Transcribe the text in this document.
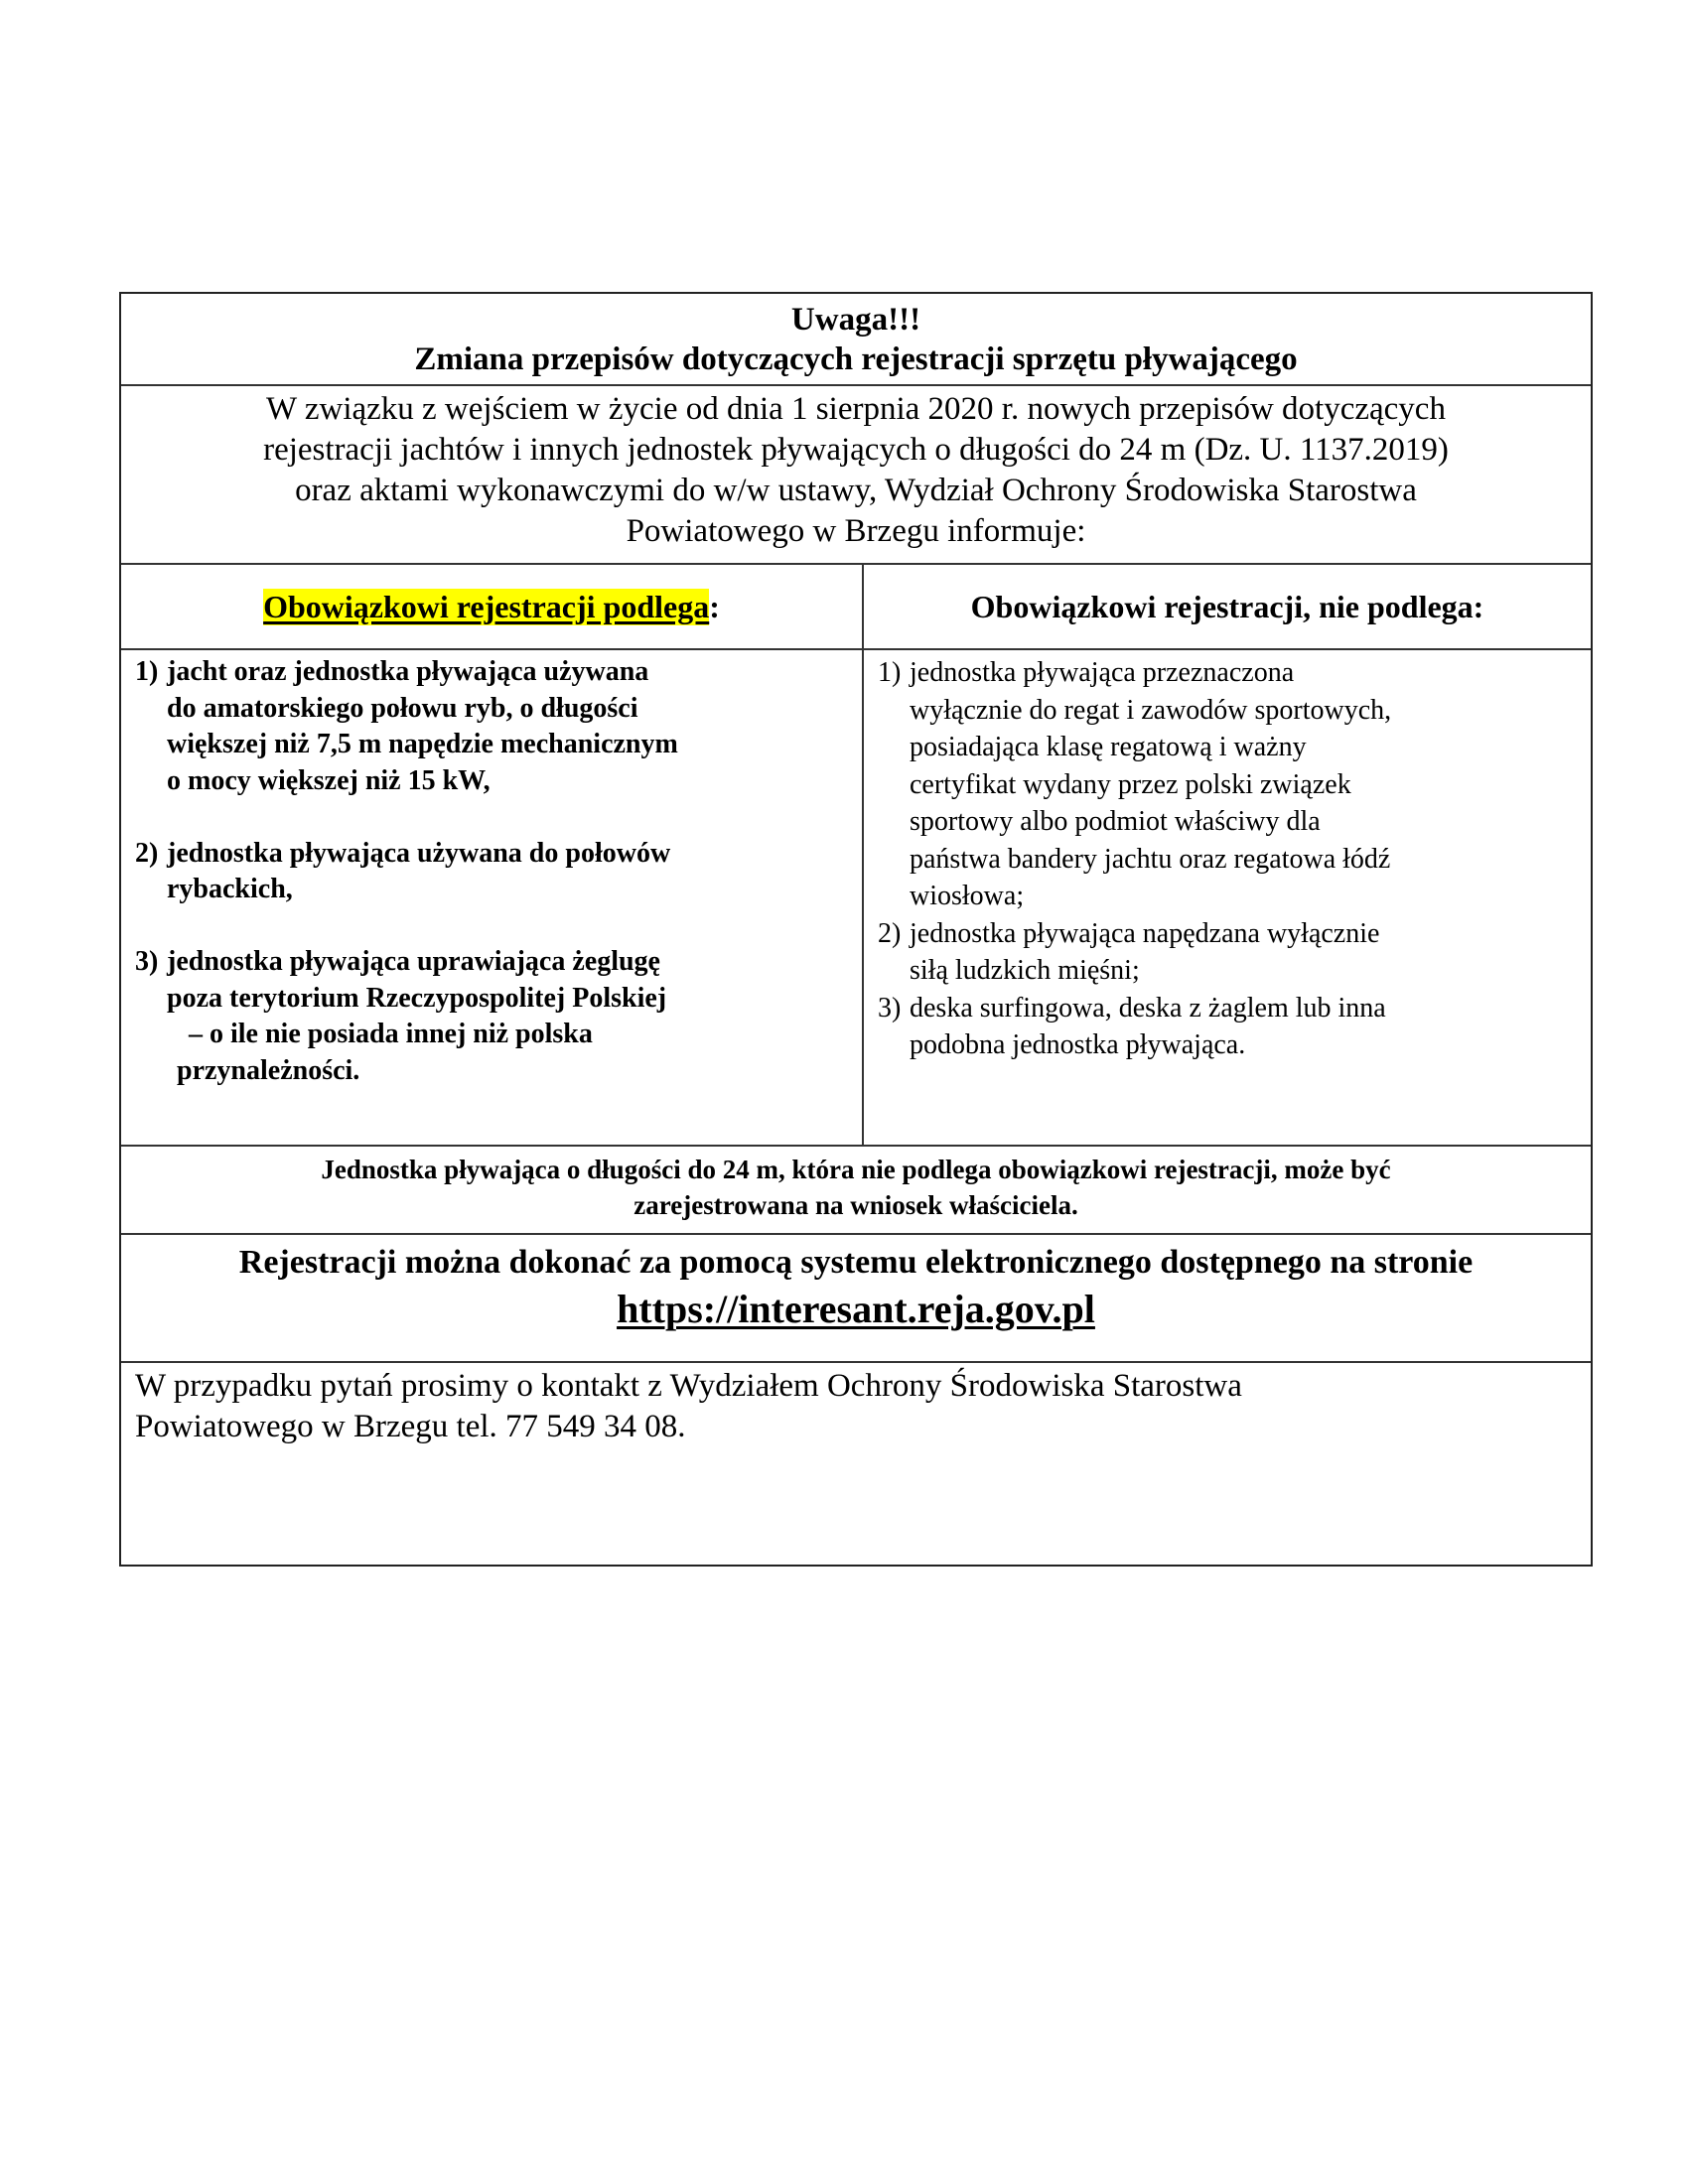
Uwaga!!!
Zmiana przepisów dotyczących rejestracji sprzętu pływającego
W związku z wejściem w życie od dnia 1 sierpnia 2020 r. nowych przepisów dotyczących
rejestracji jachtów i innych jednostek pływających o długości do 24 m (Dz. U. 1137.2019)
oraz aktami wykonawczymi do w/w ustawy, Wydział Ochrony Środowiska Starostwa
Powiatowego w Brzegu informuje:
Obowiązkowi rejestracji podlega :	Obowiązkowi rejestracji, nie podlega:
1) jacht oraz jednostka pływająca używana
do amatorskiego połowu ryb, o długości
większej niż 7,5 m napędzie mechanicznym
o mocy większej niż 15 kW,
2) jednostka pływająca używana do połowów
rybackich,
3) jednostka pływająca uprawiająca żeglugę
poza terytorium Rzeczypospolitej Polskiej
– o ile nie posiada innej niż polska
przynależności.
1) jednostka pływająca przeznaczona
wyłącznie do regat i zawodów sportowych,
posiadająca klasę regatową i ważny
certyfikat wydany przez polski związek
sportowy albo podmiot właściwy dla
państwa bandery jachtu oraz regatowa łódź
wiosłowa;
2) jednostka pływająca napędzana wyłącznie
siłą ludzkich mięśni;
3) deska surfingowa, deska z żaglem lub inna
podobna jednostka pływająca.
Jednostka pływająca o długości do 24 m, która nie podlega obowiązkowi rejestracji, może być
zarejestrowana na wniosek właściciela.
Rejestracji można dokonać za pomocą systemu elektronicznego dostępnego na stronie
https://interesant.reja.gov.pl
W przypadku pytań prosimy o kontakt z Wydziałem Ochrony Środowiska Starostwa
Powiatowego w Brzegu tel. 77 549 34 08.
